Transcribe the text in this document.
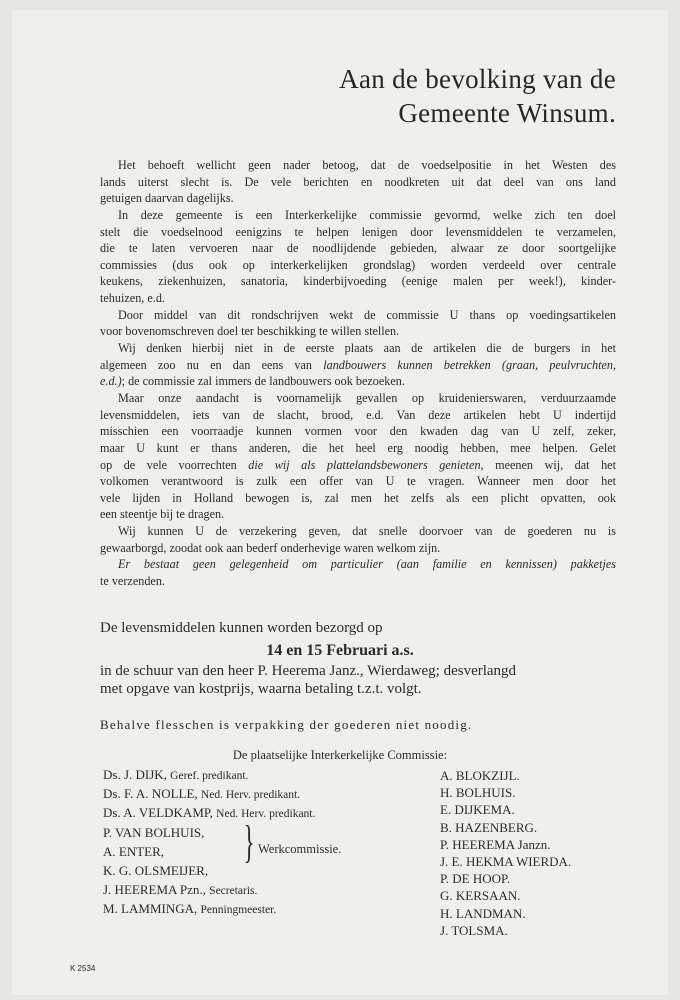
Aan de bevolking van de
Gemeente Winsum.
Het behoeft wellicht geen nader betoog, dat de voedselpositie in het Westen des
lands uiterst slecht is. De vele berichten en noodkreten uit dat deel van ons land
getuigen daarvan dagelijks.
In deze gemeente is een Interkerkelijke commissie gevormd, welke zich ten doel
stelt die voedselnood eenigzins te helpen lenigen door levensmiddelen te verzamelen,
die te laten vervoeren naar de noodlijdende gebieden, alwaar ze door soortgelijke
commissies (dus ook op interkerkelijken grondslag) worden verdeeld over centrale
keukens, ziekenhuizen, sanatoria, kinderbijvoeding (eenige malen per week!), kinder-
tehuizen, e.d.
Door middel van dit rondschrijven wekt de commissie U thans op voedingsartikelen
voor bovenomschreven doel ter beschikking te willen stellen.
Wij denken hierbij niet in de eerste plaats aan de artikelen die de burgers in het
algemeen zoo nu en dan eens van landbouwers kunnen betrekken (graan, peulvruchten,
e.d.); de commissie zal immers de landbouwers ook bezoeken.
Maar onze aandacht is voornamelijk gevallen op kruidenierswaren, verduurzaamde
levensmiddelen, iets van de slacht, brood, e.d. Van deze artikelen hebt U indertijd
misschien een voorraadje kunnen vormen voor den kwaden dag van U zelf, zeker,
maar U kunt er thans anderen, die het heel erg noodig hebben, mee helpen. Gelet
op de vele voorrechten die wij als plattelandsbewoners genieten, meenen wij, dat het
volkomen verantwoord is zulk een offer van U te vragen. Wanneer men door het
vele lijden in Holland bewogen is, zal men het zelfs als een plicht opvatten, ook
een steentje bij te dragen.
Wij kunnen U de verzekering geven, dat snelle doorvoer van de goederen nu is
gewaarborgd, zoodat ook aan bederf onderhevige waren welkom zijn.
Er bestaat geen gelegenheid om particulier (aan familie en kennissen) pakketjes
te verzenden.
De levensmiddelen kunnen worden bezorgd op
14 en 15 Februari a.s.
in de schuur van den heer P. Heerema Janz., Wierdaweg; desverlangd
met opgave van kostprijs, waarna betaling t.z.t. volgt.
Behalve flesschen is verpakking der goederen niet noodig.
De plaatselijke Interkerkelijke Commissie:
Ds. J. DIJK, Geref. predikant.
Ds. F. A. NOLLE, Ned. Herv. predikant.
Ds. A. VELDKAMP, Ned. Herv. predikant.
P. VAN BOLHUIS,
A. ENTER,
K. G. OLSMEIJER,
J. HEEREMA Pzn., Secretaris.
M. LAMMINGA, Penningmeester.
} Werkcommissie.
A. BLOKZIJL.
H. BOLHUIS.
E. DIJKEMA.
B. HAZENBERG.
P. HEEREMA Janzn.
J. E. HEKMA WIERDA.
P. DE HOOP.
G. KERSAAN.
H. LANDMAN.
J. TOLSMA.
K 2534
